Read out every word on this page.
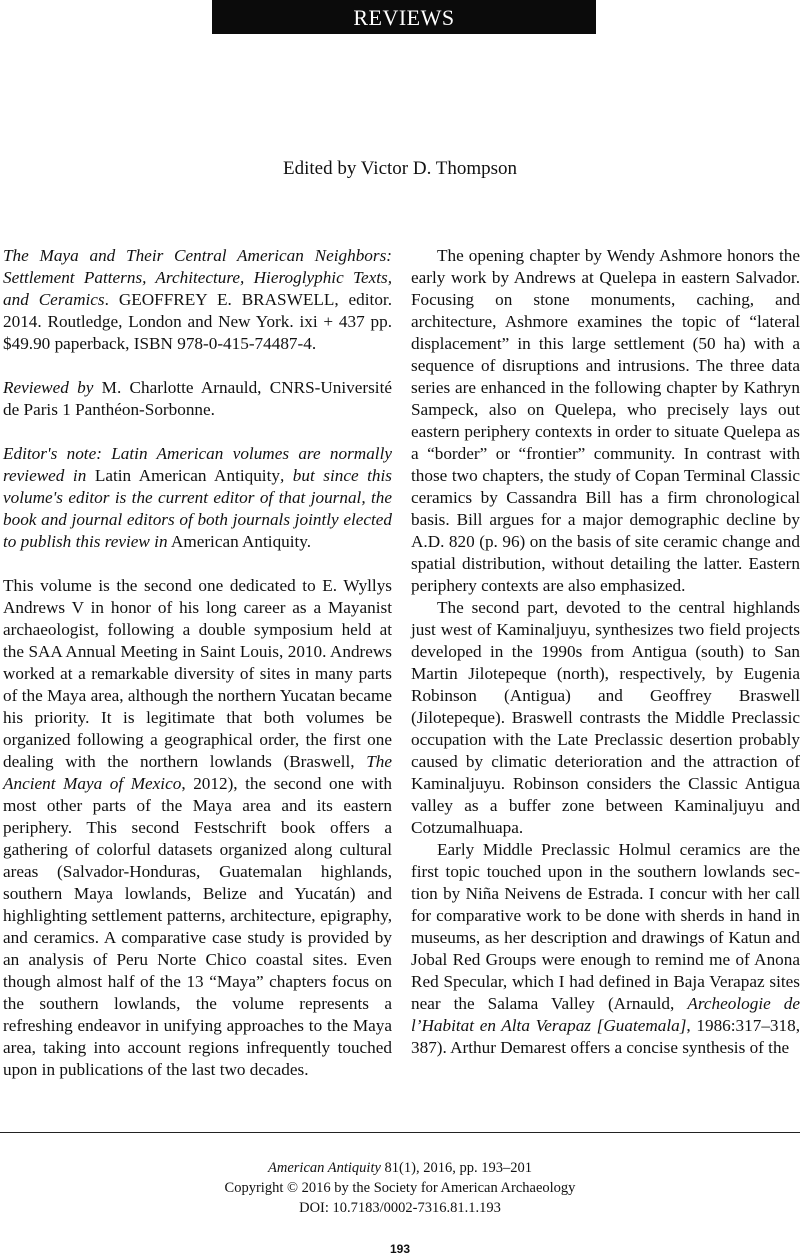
REVIEWS
Edited by Victor D. Thompson

The Maya and Their Central American Neighbors: Settlement Patterns, Architecture, Hieroglyphic Texts, and Ceramics. GEOFFREY E. BRASWELL, editor. 2014. Routledge, London and New York. ixi + 437 pp. $49.90 paperback, ISBN 978-0-415-74487-4.

Reviewed by M. Charlotte Arnauld, CNRS-Université de Paris 1 Panthéon-Sorbonne.

Editor's note: Latin American volumes are normally reviewed in Latin American Antiquity, but since this volume's editor is the current editor of that journal, the book and journal editors of both journals jointly elected to publish this review in American Antiquity.

This volume is the second one dedicated to E. Wyllys Andrews V in honor of his long career as a Mayanist archaeologist, following a double symposium held at the SAA Annual Meeting in Saint Louis, 2010. Andrews worked at a remarkable diversity of sites in many parts of the Maya area, although the northern Yucatan became his priority. It is legitimate that both volumes be organized following a geographical order, the first one dealing with the northern lowlands (Braswell, The Ancient Maya of Mexico, 2012), the second one with most other parts of the Maya area and its eastern periphery. This second Festschrift book offers a gathering of colorful datasets organized along cultural areas (Salvador-Honduras, Guatemalan highlands, southern Maya lowlands, Belize and Yucatán) and highlighting settlement patterns, architecture, epigraphy, and ceramics. A comparative case study is provided by an analysis of Peru Norte Chico coastal sites. Even though almost half of the 13 “Maya” chapters focus on the southern lowlands, the volume represents a refreshing endeavor in unifying approaches to the Maya area, taking into account regions infrequently touched upon in publications of the last two decades.

The opening chapter by Wendy Ashmore honors the early work by Andrews at Quelepa in eastern Salvador. Focusing on stone monuments, caching, and architecture, Ashmore examines the topic of “lateral displacement” in this large settlement (50 ha) with a sequence of disruptions and intrusions. The three data series are enhanced in the following chapter by Kathryn Sampeck, also on Quelepa, who precisely lays out eastern periphery contexts in order to situate Quelepa as a “border” or “frontier” community. In contrast with those two chapters, the study of Copan Terminal Classic ceramics by Cassandra Bill has a firm chronological basis. Bill argues for a major demographic decline by A.D. 820 (p. 96) on the basis of site ceramic change and spatial distribution, without detailing the latter. Eastern periphery contexts are also emphasized.

The second part, devoted to the central highlands just west of Kaminaljuyu, synthesizes two field projects developed in the 1990s from Antigua (south) to San Martin Jilotepeque (north), respectively, by Eugenia Robinson (Antigua) and Geoffrey Braswell (Jilotepeque). Braswell contrasts the Middle Preclassic occupation with the Late Preclassic desertion probably caused by climatic deterioration and the attraction of Kaminaljuyu. Robinson considers the Classic Antigua valley as a buffer zone between Kaminaljuyu and Cotzumalhuapa.

Early Middle Preclassic Holmul ceramics are the first topic touched upon in the southern lowlands section by Niña Neivens de Estrada. I concur with her call for comparative work to be done with sherds in hand in museums, as her description and drawings of Katun and Jobal Red Groups were enough to remind me of Anona Red Specular, which I had defined in Baja Verapaz sites near the Salama Valley (Arnauld, Archeologie de l’Habitat en Alta Verapaz [Guatemala], 1986:317–318, 387). Arthur Demarest offers a concise synthesis of the

American Antiquity 81(1), 2016, pp. 193–201
Copyright © 2016 by the Society for American Archaeology
DOI: 10.7183/0002-7316.81.1.193
193
